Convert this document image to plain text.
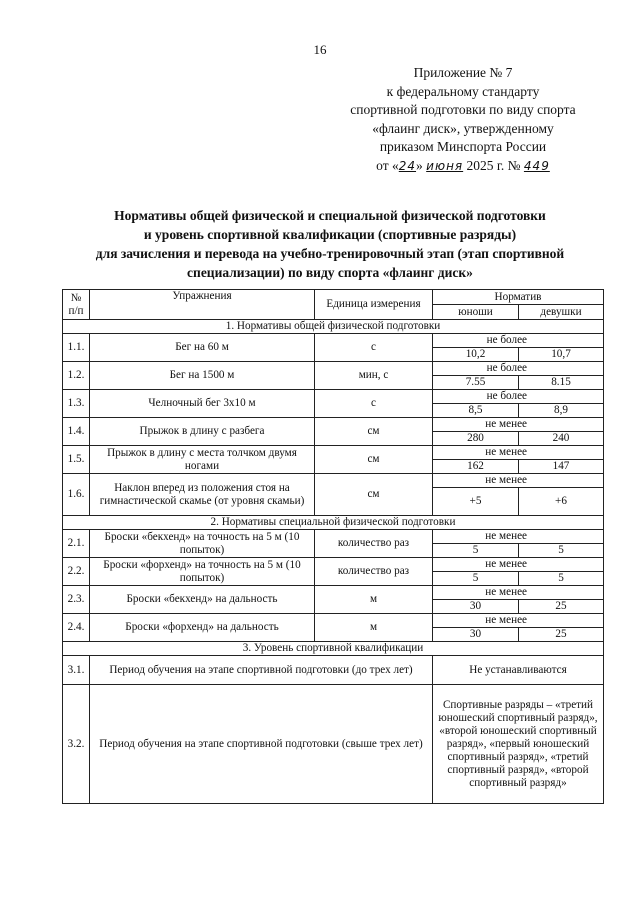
16
Приложение № 7
к федеральному стандарту
спортивной подготовки по виду спорта
«флаинг диск», утвержденному
приказом Минспорта России
от «24» июня 2025 г. № 449
Нормативы общей физической и специальной физической подготовки
и уровень спортивной квалификации (спортивные разряды)
для зачисления и перевода на учебно-тренировочный этап (этап спортивной
специализации) по виду спорта «флаинг диск»
№ п/п	Упражнения	Единица измерения	Норматив	
			юноши	девушки
1. Нормативы общей физической подготовки				
1.1.	Бег на 60 м	с	не более	
			10,2	10,7
1.2.	Бег на 1500 м	мин, с	не более	
			7.55	8.15
1.3.	Челночный бег 3х10 м	с	не более	
			8,5	8,9
1.4.	Прыжок в длину с разбега	см	не менее	
			280	240
1.5.	Прыжок в длину с места толчком двумя ногами	см	не менее	
			162	147
1.6.	Наклон вперед из положения стоя на гимнастической скамье (от уровня скамьи)	см	не менее	
			+5	+6
2. Нормативы специальной физической подготовки				
2.1.	Броски «бекхенд» на точность на 5 м (10 попыток)	количество раз	не менее	
			5	5
2.2.	Броски «форхенд» на точность на 5 м (10 попыток)	количество раз	не менее	
			5	5
2.3.	Броски «бекхенд» на дальность	м	не менее	
			30	25
2.4.	Броски «форхенд» на дальность	м	не менее	
			30	25
3. Уровень спортивной квалификации				
3.1.	Период обучения на этапе спортивной подготовки (до трех лет)		Не устанавливаются	
3.2.	Период обучения на этапе спортивной подготовки (свыше трех лет)		Спортивные разряды – «третий юношеский спортивный разряд», «второй юношеский спортивный разряд», «первый юношеский спортивный разряд», «третий спортивный разряд», «второй спортивный разряд»	
